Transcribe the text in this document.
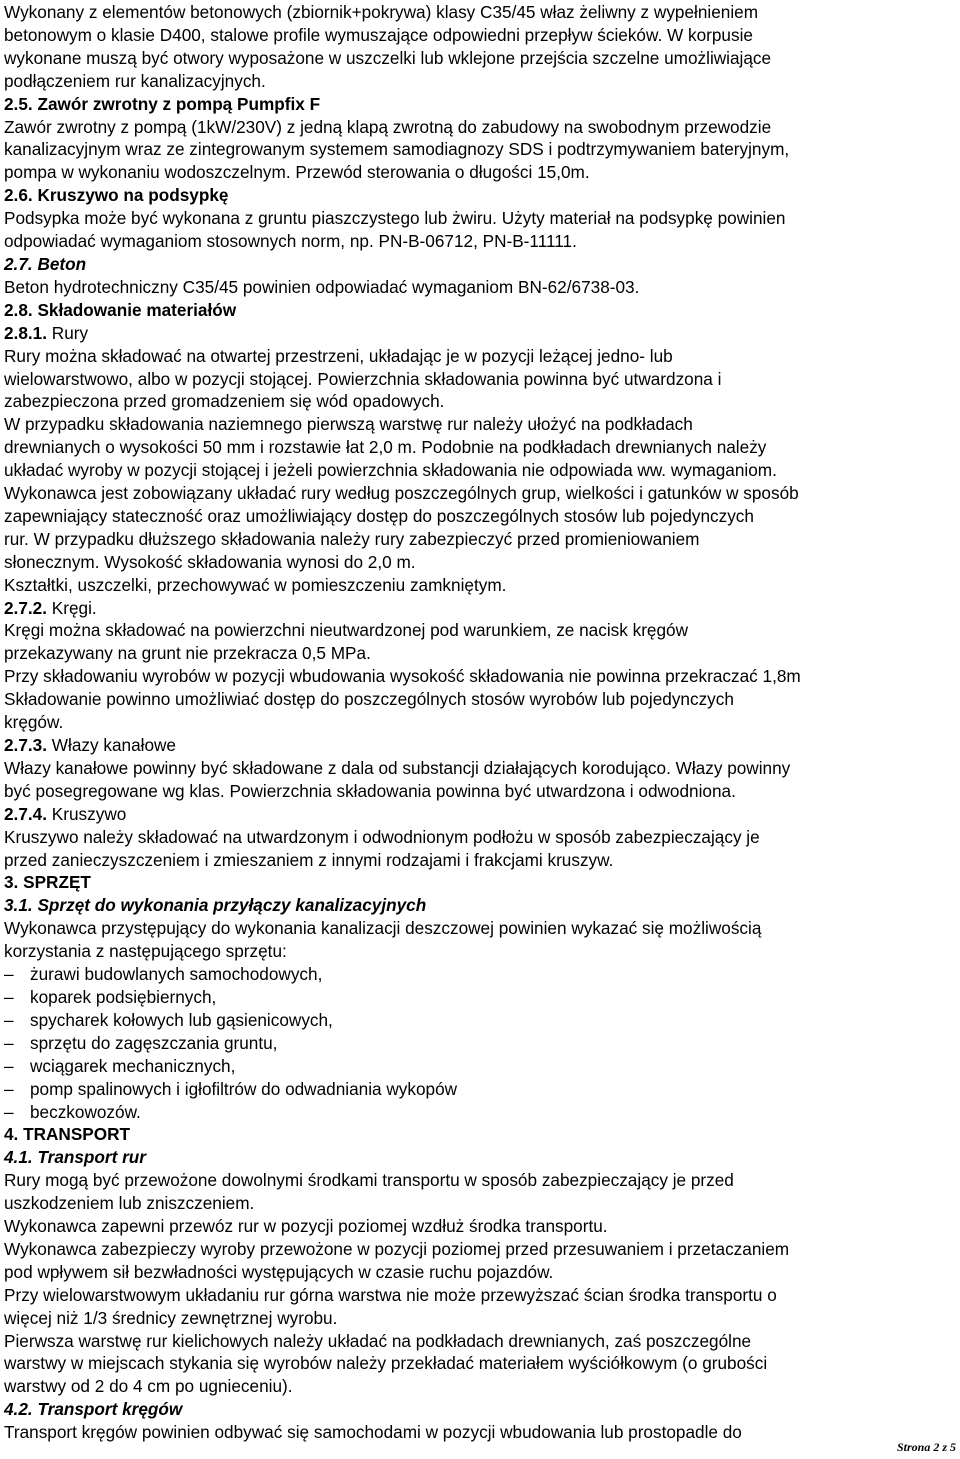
Wykonany z elementów betonowych (zbiornik+pokrywa) klasy C35/45 właz żeliwny z wypełnieniem

betonowym o klasie D400, stalowe profile wymuszające odpowiedni przepływ ścieków. W korpusie

wykonane muszą być otwory wyposażone w uszczelki lub wklejone przejścia szczelne umożliwiające

podłączeniem rur kanalizacyjnych.

2.5. Zawór zwrotny z pompą Pumpfix F

Zawór zwrotny z pompą (1kW/230V) z jedną klapą zwrotną do zabudowy na swobodnym przewodzie

kanalizacyjnym wraz ze zintegrowanym systemem samodiagnozy SDS i podtrzymywaniem bateryjnym,

pompa w wykonaniu wodoszczelnym. Przewód sterowania o długości 15,0m.

2.6. Kruszywo na podsypkę

Podsypka może być wykonana z gruntu piaszczystego lub żwiru. Użyty materiał na podsypkę powinien

odpowiadać wymaganiom stosownych norm, np. PN-B-06712, PN-B-11111.

2.7. Beton

Beton hydrotechniczny C35/45 powinien odpowiadać wymaganiom BN-62/6738-03.

2.8. Składowanie materiałów

2.8.1. Rury

Rury można składować na otwartej przestrzeni, układając je w pozycji leżącej jedno- lub

wielowarstwowo, albo w pozycji stojącej. Powierzchnia składowania powinna być utwardzona i

zabezpieczona przed gromadzeniem się wód opadowych.

W przypadku składowania naziemnego pierwszą warstwę rur należy ułożyć na podkładach

drewnianych o wysokości 50 mm i rozstawie łat 2,0 m. Podobnie na podkładach drewnianych należy

układać wyroby w pozycji stojącej i jeżeli powierzchnia składowania nie odpowiada ww. wymaganiom.

Wykonawca jest zobowiązany układać rury według poszczególnych grup, wielkości i gatunków w sposób

zapewniający stateczność oraz umożliwiający dostęp do poszczególnych stosów lub pojedynczych

rur. W przypadku dłuższego składowania należy rury zabezpieczyć przed promieniowaniem

słonecznym. Wysokość składowania wynosi do 2,0 m.

Kształtki, uszczelki, przechowywać w pomieszczeniu zamkniętym.

2.7.2. Kręgi.

Kręgi można składować na powierzchni nieutwardzonej pod warunkiem, ze nacisk kręgów

przekazywany na grunt nie przekracza 0,5 MPa.

Przy składowaniu wyrobów w pozycji wbudowania wysokość składowania nie powinna przekraczać 1,8m

Składowanie powinno umożliwiać dostęp do poszczególnych stosów wyrobów lub pojedynczych

kręgów.

2.7.3. Włazy kanałowe

Włazy kanałowe powinny być składowane z dala od substancji działających korodująco. Włazy powinny

być posegregowane wg klas. Powierzchnia składowania powinna być utwardzona i odwodniona.

2.7.4. Kruszywo

Kruszywo należy składować na utwardzonym i odwodnionym podłożu w sposób zabezpieczający je

przed zanieczyszczeniem i zmieszaniem z innymi rodzajami i frakcjami kruszyw.

3. SPRZĘT

3.1. Sprzęt do wykonania przyłączy kanalizacyjnych

Wykonawca przystępujący do wykonania kanalizacji deszczowej powinien wykazać się możliwością

korzystania z następującego sprzętu:

– żurawi budowlanych samochodowych,

– koparek podsiębiernych,

– spycharek kołowych lub gąsienicowych,

– sprzętu do zagęszczania gruntu,

– wciągarek mechanicznych,

– pomp spalinowych i igłofiltrów do odwadniania wykopów

– beczkowozów.

4. TRANSPORT

4.1. Transport rur

Rury mogą być przewożone dowolnymi środkami transportu w sposób zabezpieczający je przed

uszkodzeniem lub zniszczeniem.

Wykonawca zapewni przewóz rur w pozycji poziomej wzdłuż środka transportu.

Wykonawca zabezpieczy wyroby przewożone w pozycji poziomej przed przesuwaniem i przetaczaniem

pod wpływem sił bezwładności występujących w czasie ruchu pojazdów.

Przy wielowarstwowym układaniu rur górna warstwa nie może przewyższać ścian środka transportu o

więcej niż 1/3 średnicy zewnętrznej wyrobu.

Pierwsza warstwę rur kielichowych należy układać na podkładach drewnianych, zaś poszczególne

warstwy w miejscach stykania się wyrobów należy przekładać materiałem wyściółkowym (o grubości

warstwy od 2 do 4 cm po ugnieceniu).

4.2. Transport kręgów

Transport kręgów powinien odbywać się samochodami w pozycji wbudowania lub prostopadle do

Strona 2 z 5
